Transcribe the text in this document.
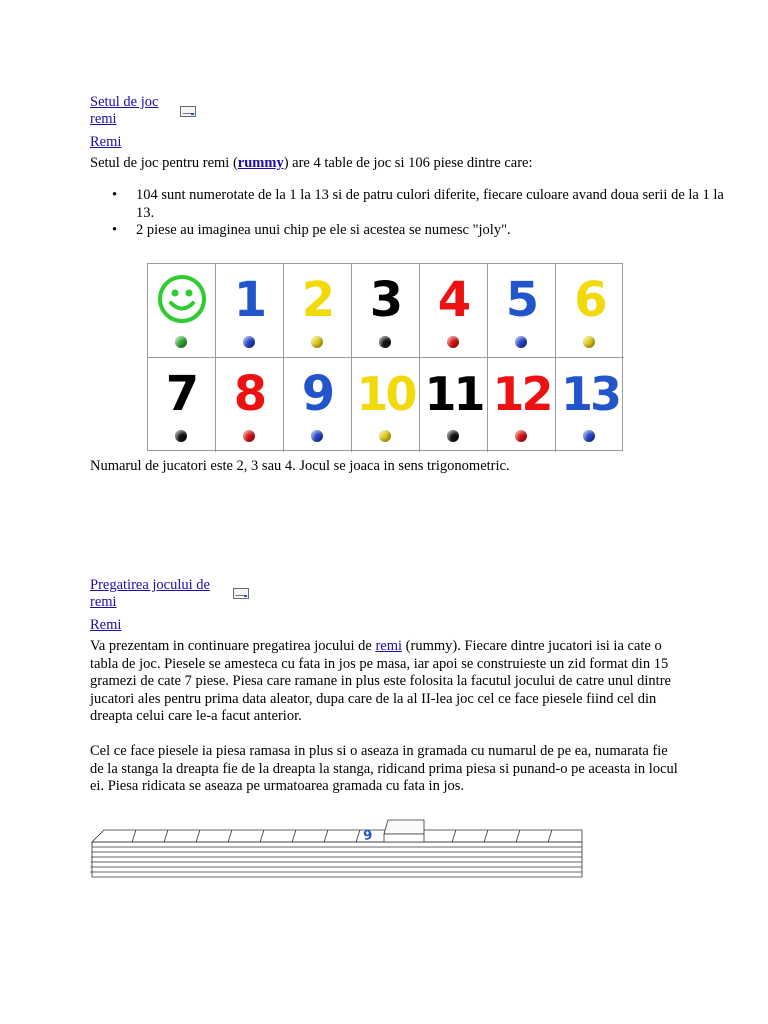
Setul de joc
remi
Remi
Setul de joc pentru remi (rummy) are 4 table de joc si 106 piese dintre care:
• 104 sunt numerotate de la 1 la 13 si de patru culori diferite, fiecare culoare avand doua serii de la 1 la 13.
• 2 piese au imaginea unui chip pe ele si acestea se numesc "joly".
1 2 3 4 5 6
7 8 9 10 11 12 13
Numarul de jucatori este 2, 3 sau 4. Jocul se joaca in sens trigonometric.
Pregatirea jocului de
remi
Remi
Va prezentam in continuare pregatirea jocului de remi (rummy). Fiecare dintre jucatori isi ia cate o tabla de joc. Piesele se amesteca cu fata in jos pe masa, iar apoi se construieste un zid format din 15 gramezi de cate 7 piese. Piesa care ramane in plus este folosita la facutul jocului de catre unul dintre jucatori ales pentru prima data aleator, dupa care de la al II-lea joc cel ce face piesele fiind cel din dreapta celui care le-a facut anterior.
Cel ce face piesele ia piesa ramasa in plus si o aseaza in gramada cu numarul de pe ea, numarata fie de la stanga la dreapta fie de la dreapta la stanga, ridicand prima piesa si punand-o pe aceasta in locul ei. Piesa ridicata se aseaza pe urmatoarea gramada cu fata in jos.
9
